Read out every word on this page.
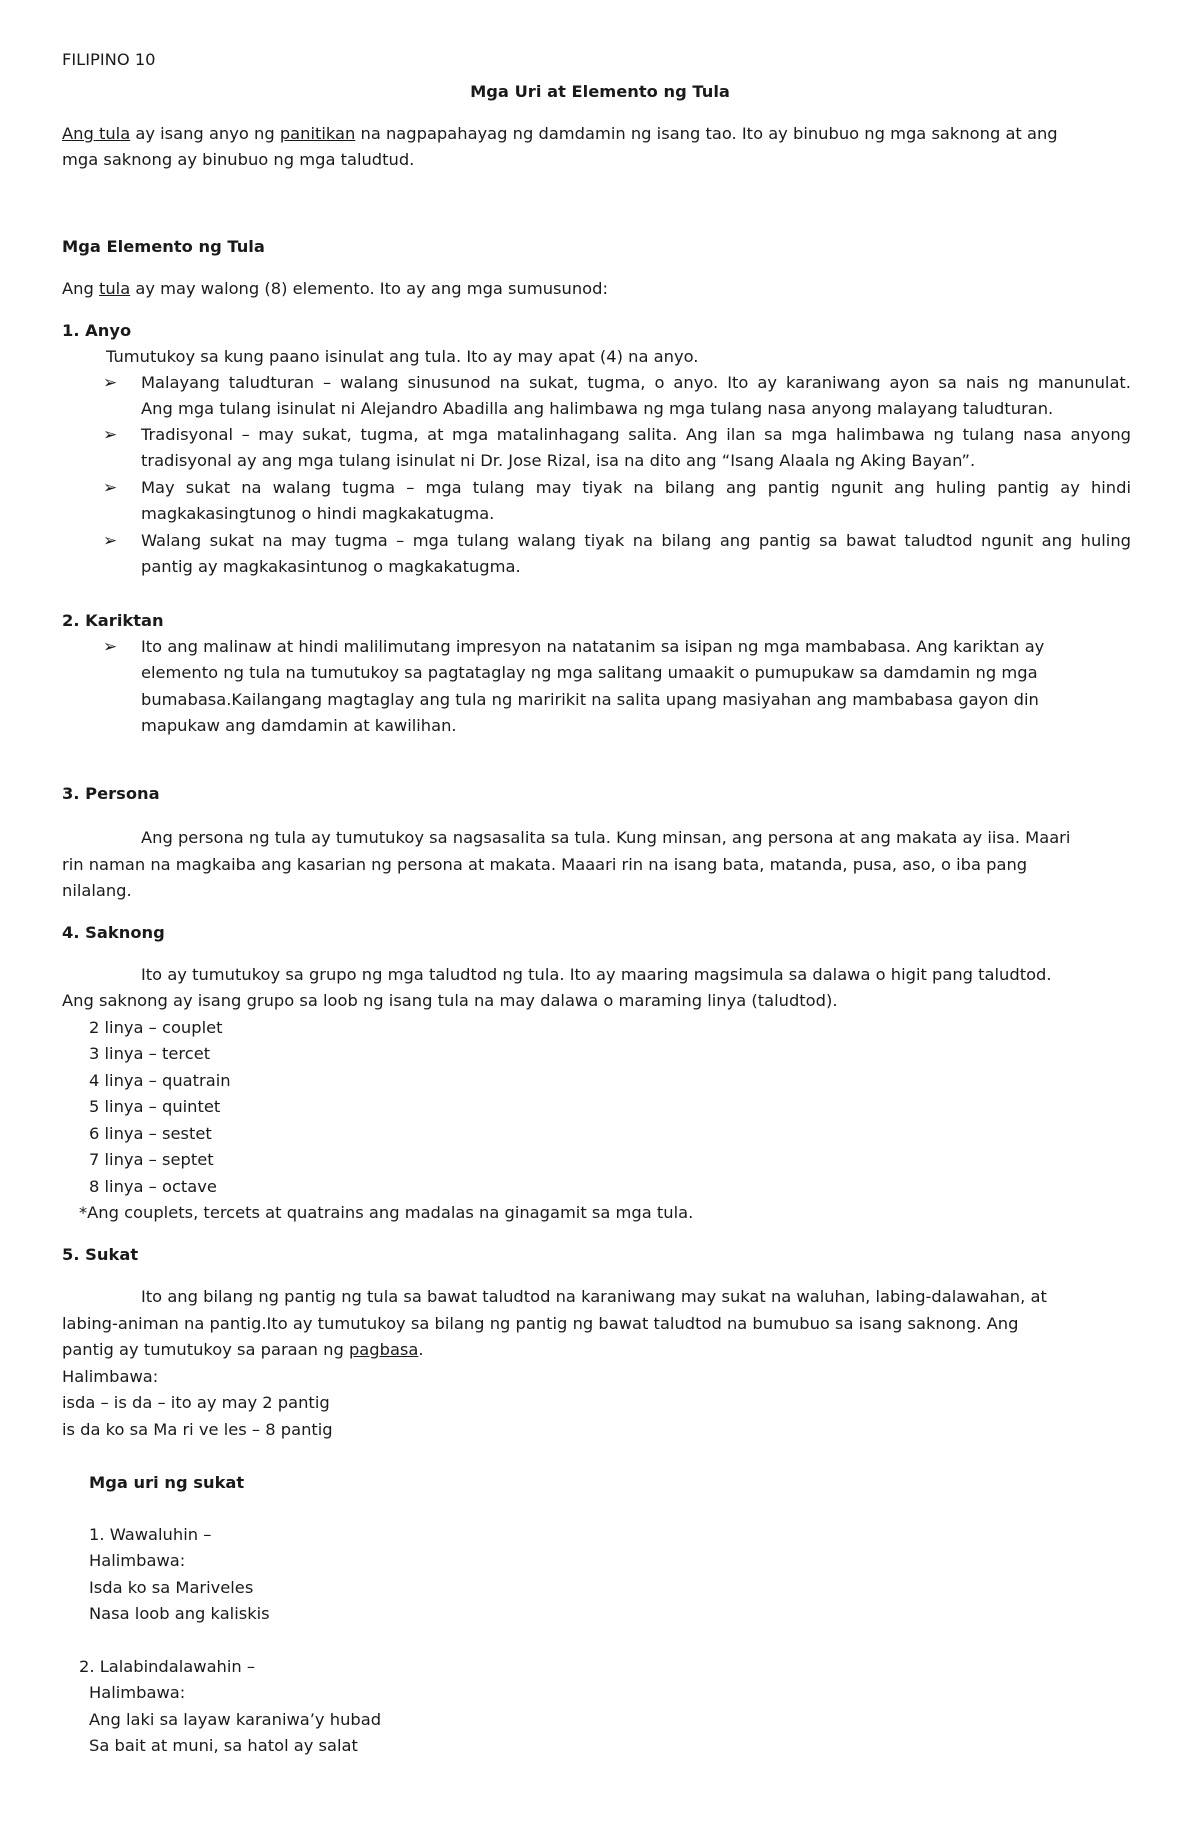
FILIPINO 10
Mga Uri at Elemento ng Tula
Ang tula ay isang anyo ng panitikan na nagpapahayag ng damdamin ng isang tao. Ito ay binubuo ng mga saknong at ang
mga saknong ay binubuo ng mga taludtud.
Mga Elemento ng Tula
Ang tula ay may walong (8) elemento. Ito ay ang mga sumusunod:
1. Anyo
Tumutukoy sa kung paano isinulat ang tula. Ito ay may apat (4) na anyo.
➢ Malayang taludturan – walang sinusunod na sukat, tugma, o anyo. Ito ay karaniwang ayon sa nais ng manunulat.
Ang mga tulang isinulat ni Alejandro Abadilla ang halimbawa ng mga tulang nasa anyong malayang taludturan.
➢ Tradisyonal – may sukat, tugma, at mga matalinhagang salita. Ang ilan sa mga halimbawa ng tulang nasa anyong
tradisyonal ay ang mga tulang isinulat ni Dr. Jose Rizal, isa na dito ang “Isang Alaala ng Aking Bayan”.
➢ May sukat na walang tugma – mga tulang may tiyak na bilang ang pantig ngunit ang huling pantig ay hindi
magkakasingtunog o hindi magkakatugma.
➢ Walang sukat na may tugma – mga tulang walang tiyak na bilang ang pantig sa bawat taludtod ngunit ang huling
pantig ay magkakasintunog o magkakatugma.
2. Kariktan
➢ Ito ang malinaw at hindi malilimutang impresyon na natatanim sa isipan ng mga mambabasa. Ang kariktan ay
elemento ng tula na tumutukoy sa pagtataglay ng mga salitang umaakit o pumupukaw sa damdamin ng mga
bumabasa.Kailangang magtaglay ang tula ng maririkit na salita upang masiyahan ang mambabasa gayon din
mapukaw ang damdamin at kawilihan.
3. Persona
Ang persona ng tula ay tumutukoy sa nagsasalita sa tula. Kung minsan, ang persona at ang makata ay iisa. Maari
rin naman na magkaiba ang kasarian ng persona at makata. Maaari rin na isang bata, matanda, pusa, aso, o iba pang
nilalang.
4. Saknong
Ito ay tumutukoy sa grupo ng mga taludtod ng tula. Ito ay maaring magsimula sa dalawa o higit pang taludtod.
Ang saknong ay isang grupo sa loob ng isang tula na may dalawa o maraming linya (taludtod).
2 linya – couplet
3 linya – tercet
4 linya – quatrain
5 linya – quintet
6 linya – sestet
7 linya – septet
8 linya – octave
*Ang couplets, tercets at quatrains ang madalas na ginagamit sa mga tula.
5. Sukat
Ito ang bilang ng pantig ng tula sa bawat taludtod na karaniwang may sukat na waluhan, labing-dalawahan, at
labing-animan na pantig.Ito ay tumutukoy sa bilang ng pantig ng bawat taludtod na bumubuo sa isang saknong. Ang
pantig ay tumutukoy sa paraan ng pagbasa.
Halimbawa:
isda – is da – ito ay may 2 pantig
is da ko sa Ma ri ve les – 8 pantig
Mga uri ng sukat
1. Wawaluhin –
Halimbawa:
Isda ko sa Mariveles
Nasa loob ang kaliskis
2. Lalabindalawahin –
Halimbawa:
Ang laki sa layaw karaniwa’y hubad
Sa bait at muni, sa hatol ay salat
